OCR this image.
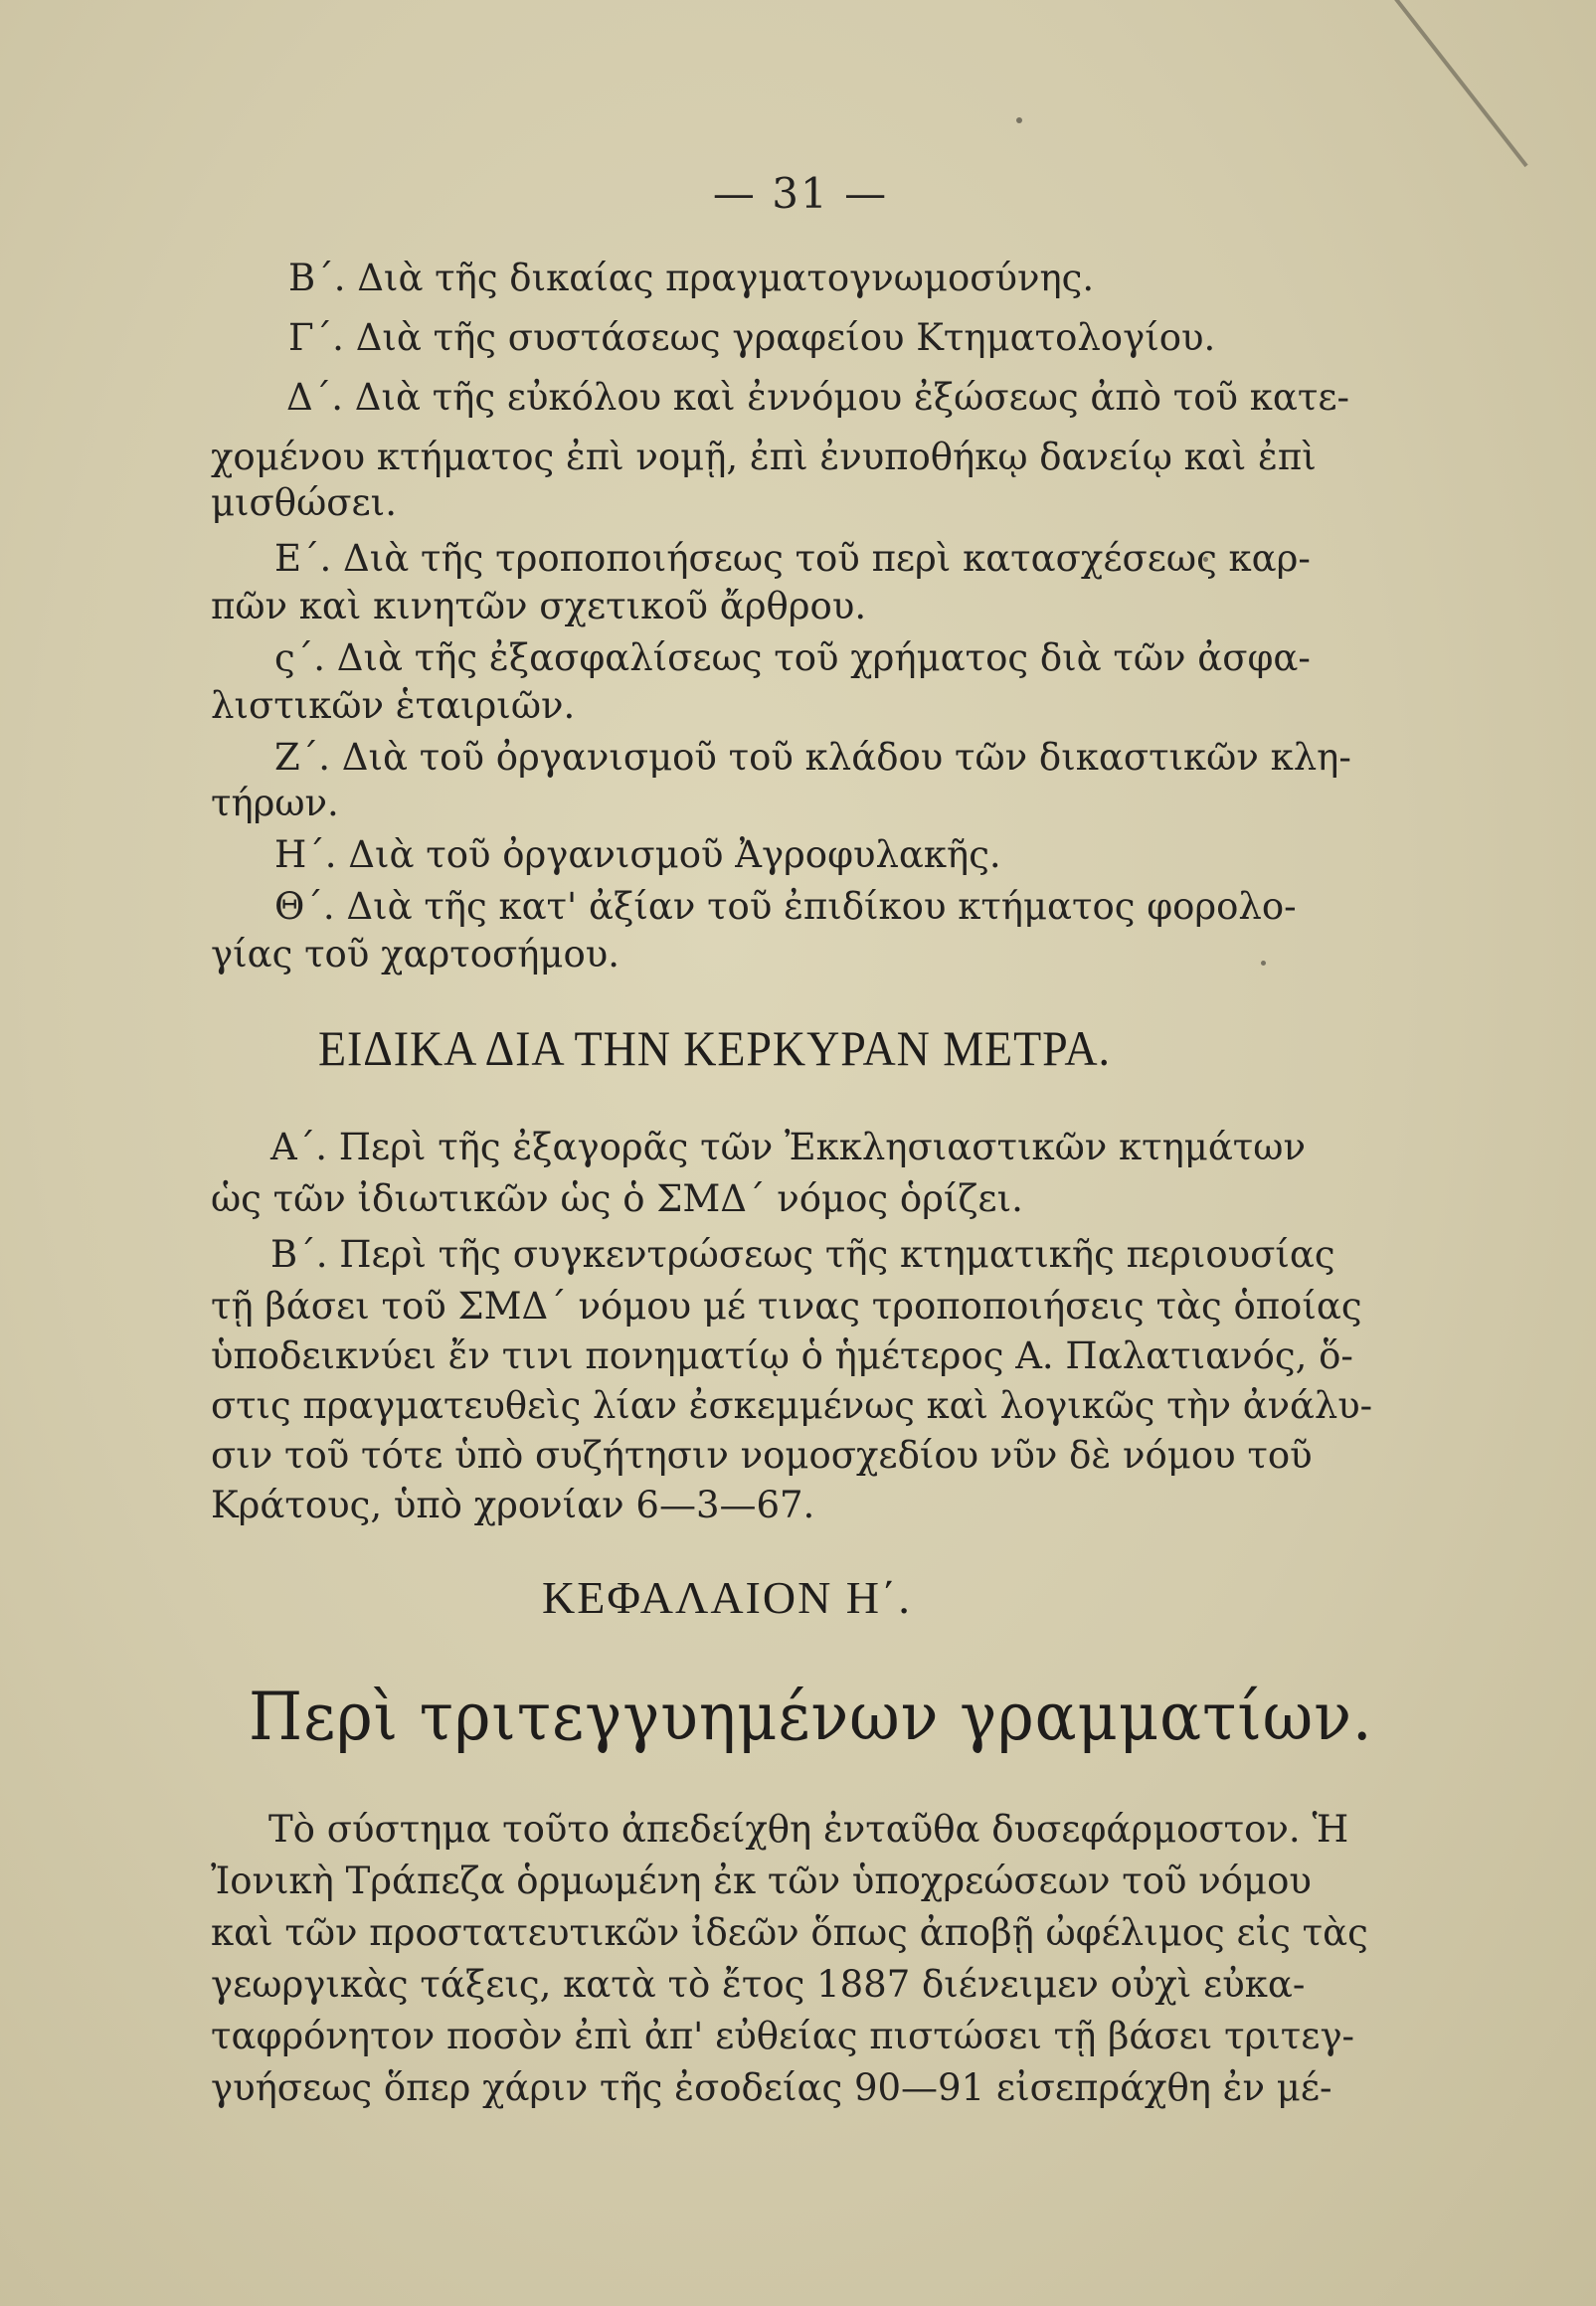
— 31 —
Β΄. Διὰ τῆς δικαίας πραγματογνωμοσύνης.
Γ΄. Διὰ τῆς συστάσεως γραφείου Κτηματολογίου.
Δ΄. Διὰ τῆς εὐκόλου καὶ ἐννόμου ἐξώσεως ἀπὸ τοῦ κατε-
χομένου κτήματος ἐπὶ νομῇ, ἐπὶ ἐνυποθήκῳ δανείῳ καὶ ἐπὶ
μισθώσει.
Ε΄. Διὰ τῆς τροποποιήσεως τοῦ περὶ κατασχέσεως καρ-
πῶν καὶ κινητῶν σχετικοῦ ἄρθρου.
ς΄. Διὰ τῆς ἐξασφαλίσεως τοῦ χρήματος διὰ τῶν ἀσφα-
λιστικῶν ἑταιριῶν.
Ζ΄. Διὰ τοῦ ὀργανισμοῦ τοῦ κλάδου τῶν δικαστικῶν κλη-
τήρων.
Η΄. Διὰ τοῦ ὀργανισμοῦ Ἀγροφυλακῆς.
Θ΄. Διὰ τῆς κατ' ἀξίαν τοῦ ἐπιδίκου κτήματος φορολο-
γίας τοῦ χαρτοσήμου.
ΕΙΔΙΚΑ ΔΙΑ ΤΗΝ ΚΕΡΚΥΡΑΝ ΜΕΤΡΑ.
Α΄. Περὶ τῆς ἐξαγορᾶς τῶν Ἐκκλησιαστικῶν κτημάτων
ὡς τῶν ἰδιωτικῶν ὡς ὁ ΣΜΔ΄ νόμος ὁρίζει.
Β΄. Περὶ τῆς συγκεντρώσεως τῆς κτηματικῆς περιουσίας
τῇ βάσει τοῦ ΣΜΔ΄ νόμου μέ τινας τροποποιήσεις τὰς ὁποίας
ὑποδεικνύει ἔν τινι πονηματίῳ ὁ ἡμέτερος Α. Παλατιανός, ὅ-
στις πραγματευθεὶς λίαν ἐσκεμμένως καὶ λογικῶς τὴν ἀνάλυ-
σιν τοῦ τότε ὑπὸ συζήτησιν νομοσχεδίου νῦν δὲ νόμου τοῦ
Κράτους, ὑπὸ χρονίαν 6—3—67.
ΚΕΦΑΛΑΙΟΝ Η΄.
Περὶ τριτεγγυημένων γραμματίων.
Τὸ σύστημα τοῦτο ἀπεδείχθη ἐνταῦθα δυσεφάρμοστον. Ἡ
Ἰονικὴ Τράπεζα ὁρμωμένη ἐκ τῶν ὑποχρεώσεων τοῦ νόμου
καὶ τῶν προστατευτικῶν ἰδεῶν ὅπως ἀποβῇ ὠφέλιμος εἰς τὰς
γεωργικὰς τάξεις, κατὰ τὸ ἔτος 1887 διένειμεν οὐχὶ εὐκα-
ταφρόνητον ποσὸν ἐπὶ ἀπ' εὐθείας πιστώσει τῇ βάσει τριτεγ-
γυήσεως ὅπερ χάριν τῆς ἐσοδείας 90—91 εἰσεπράχθη ἐν μέ-
